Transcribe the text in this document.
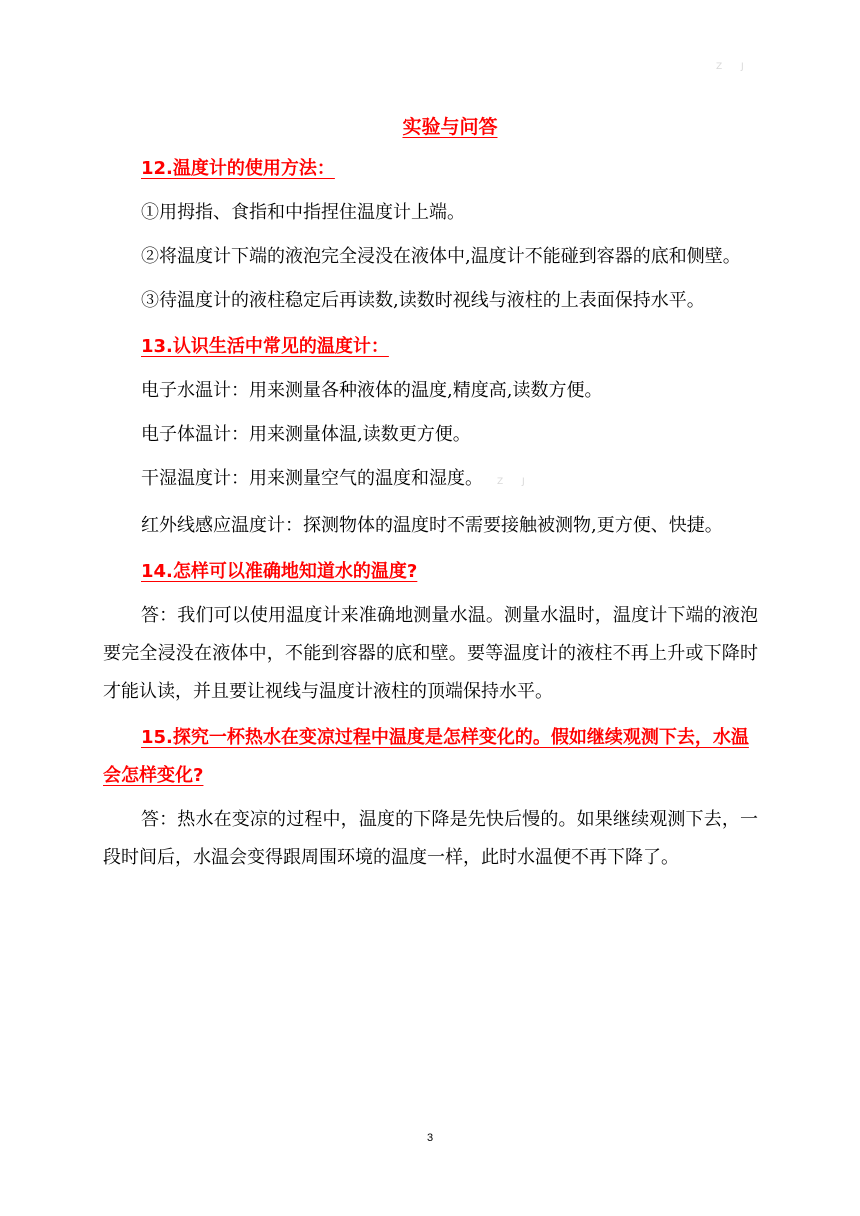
Z J
实验与问答

12.温度计的使用方法：

①用拇指、食指和中指捏住温度计上端。

②将温度计下端的液泡完全浸没在液体中,温度计不能碰到容器的底和侧壁。

③待温度计的液柱稳定后再读数,读数时视线与液柱的上表面保持水平。

13.认识生活中常见的温度计：

电子水温计：用来测量各种液体的温度,精度高,读数方便。

电子体温计：用来测量体温,读数更方便。

干湿温度计：用来测量空气的温度和湿度。 Z J

红外线感应温度计：探测物体的温度时不需要接触被测物,更方便、快捷。

14.怎样可以准确地知道水的温度?

答：我们可以使用温度计来准确地测量水温。测量水温时，温度计下端的液泡要完全浸没在液体中，不能到容器的底和壁。要等温度计的液柱不再上升或下降时才能认读，并且要让视线与温度计液柱的顶端保持水平。

15.探究一杯热水在变凉过程中温度是怎样变化的。假如继续观测下去，水温会怎样变化?

答：热水在变凉的过程中，温度的下降是先快后慢的。如果继续观测下去，一段时间后，水温会变得跟周围环境的温度一样，此时水温便不再下降了。

3
